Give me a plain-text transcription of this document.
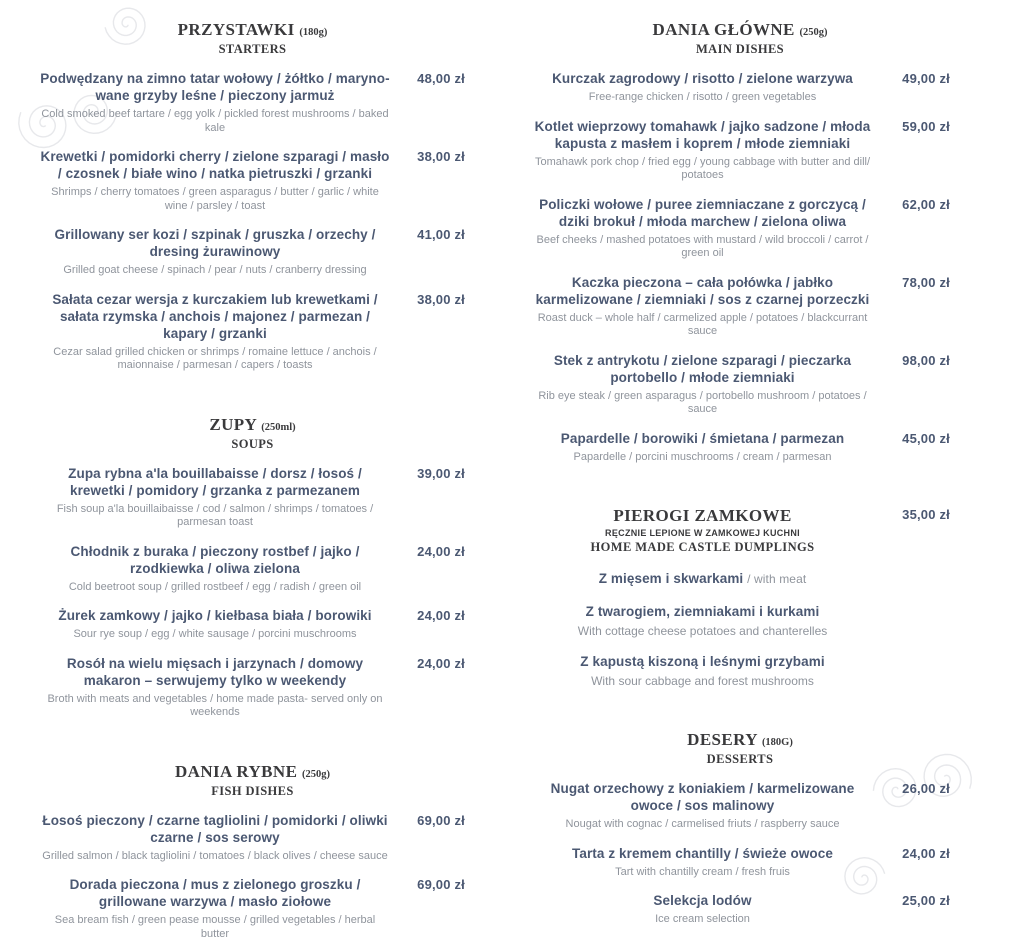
PRZYSTAWKI (180g)
STARTERS
Podwędzany na zimno tatar wołowy / żółtko / maryno-wane grzyby leśne / pieczony jarmuż
Cold smoked beef tartare / egg yolk / pickled forest mushrooms / baked kale
48,00 zł
Krewetki / pomidorki cherry / zielone szparagi / masło / czosnek / białe wino / natka pietruszki / grzanki
Shrimps / cherry tomatoes / green asparagus / butter / garlic / white wine / parsley / toast
38,00 zł
Grillowany ser kozi / szpinak / gruszka / orzechy / dresing żurawinowy
Grilled goat cheese / spinach / pear / nuts / cranberry dressing
41,00 zł
Sałata cezar wersja z kurczakiem lub krewetkami / sałata rzymska / anchois / majonez / parmezan / kapary / grzanki
Cezar salad grilled chicken or shrimps / romaine lettuce / anchois / maionnaise / parmesan / capers / toasts
38,00 zł
ZUPY (250ml)
SOUPS
Zupa rybna a'la bouillabaisse / dorsz / łosoś / krewetki / pomidory / grzanka z parmezanem
Fish soup a'la bouillaibaisse / cod / salmon / shrimps / tomatoes / parmesan toast
39,00 zł
Chłodnik z buraka / pieczony rostbef / jajko / rzodkiewka / oliwa zielona
Cold beetroot soup / grilled rostbeef / egg / radish / green oil
24,00 zł
Żurek zamkowy / jajko / kiełbasa biała / borowiki
Sour rye soup / egg / white sausage / porcini muschrooms
24,00 zł
Rosół na wielu mięsach i jarzynach / domowy makaron – serwujemy tylko w weekendy
Broth with meats and vegetables / home made pasta- served only on weekends
24,00 zł
DANIA RYBNE (250g)
FISH DISHES
Łosoś pieczony / czarne tagliolini / pomidorki / oliwki czarne / sos serowy
Grilled salmon / black tagliolini / tomatoes / black olives / cheese sauce
69,00 zł
Dorada pieczona / mus z zielonego groszku / grillowane warzywa / masło ziołowe
Sea bream fish / green pease mousse / grilled vegetables / herbal butter
69,00 zł
DANIA GŁÓWNE (250g)
MAIN DISHES
Kurczak zagrodowy / risotto / zielone warzywa
Free-range chicken / risotto / green vegetables
49,00 zł
Kotlet wieprzowy tomahawk / jajko sadzone / młoda kapusta z masłem i koprem / młode ziemniaki
Tomahawk pork chop / fried egg / young cabbage with butter and dill/ potatoes
59,00 zł
Policzki wołowe / puree ziemniaczane z gorczycą / dziki brokuł / młoda marchew / zielona oliwa
Beef cheeks / mashed potatoes with mustard / wild broccoli / carrot / green oil
62,00 zł
Kaczka pieczona – cała połówka / jabłko karmelizowane / ziemniaki / sos z czarnej porzeczki
Roast duck – whole half / carmelized apple / potatoes / blackcurrant sauce
78,00 zł
Stek z antrykotu / zielone szparagi / pieczarka portobello / młode ziemniaki
Rib eye steak / green asparagus / portobello mushroom / potatoes / sauce
98,00 zł
Papardelle / borowiki / śmietana / parmezan
Papardelle / porcini muschrooms / cream / parmesan
45,00 zł
PIEROGI ZAMKOWE
RĘCZNIE LEPIONE W ZAMKOWEJ KUCHNI
HOME MADE CASTLE DUMPLINGS
35,00 zł
Z mięsem i skwarkami / with meat
Z twarogiem, ziemniakami i kurkami
With cottage cheese potatoes and chanterelles
Z kapustą kiszoną i leśnymi grzybami
With sour cabbage and forest mushrooms
DESERY (180G)
DESSERTS
Nugat orzechowy z koniakiem / karmelizowane owoce / sos malinowy
Nougat with cognac / carmelised friuts / raspberry sauce
26,00 zł
Tarta z kremem chantilly / świeże owoce
Tart with chantilly cream / fresh fruis
24,00 zł
Selekcja lodów
Ice cream selection
25,00 zł
